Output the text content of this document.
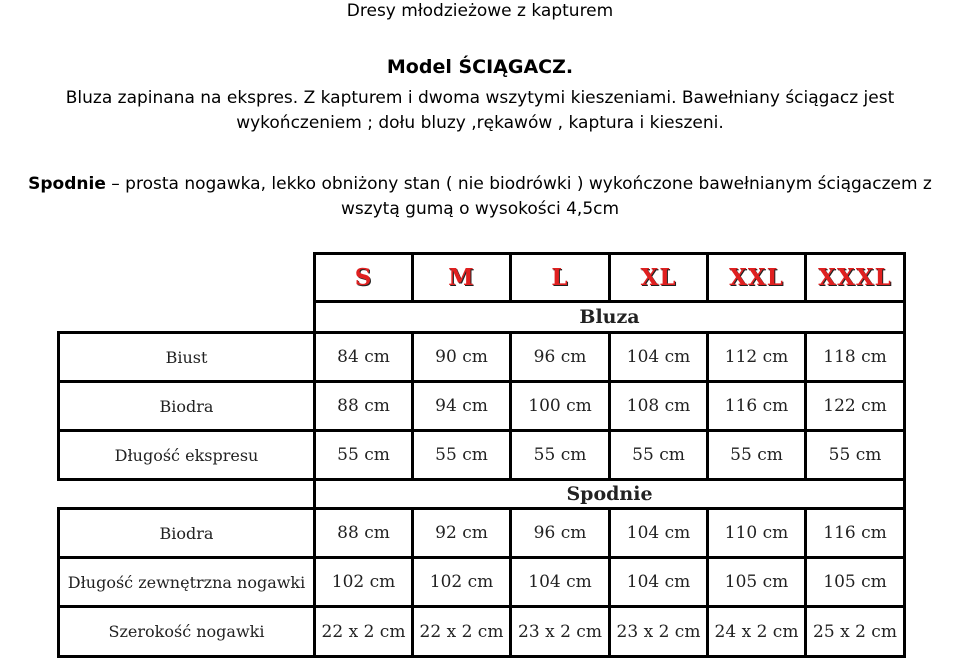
Dresy młodzieżowe z kapturem
Model ŚCIĄGACZ.
Bluza zapinana na ekspres. Z kapturem i dwoma wszytymi kieszeniami. Bawełniany ściągacz jest
wykończeniem ; dołu bluzy ,rękawów , kaptura i kieszeni.
Spodnie – prosta nogawka, lekko obniżony stan ( nie biodrówki ) wykończone bawełnianym ściągaczem z
wszytą gumą o wysokości 4,5cm
S	M	L	XL	XXL	XXXL
Bluza
Biust	84 cm	90 cm	96 cm	104 cm	112 cm	118 cm
Biodra	88 cm	94 cm	100 cm	108 cm	116 cm	122 cm
Długość ekspresu	55 cm	55 cm	55 cm	55 cm	55 cm	55 cm
Spodnie
Biodra	88 cm	92 cm	96 cm	104 cm	110 cm	116 cm
Długość zewnętrzna nogawki	102 cm	102 cm	104 cm	104 cm	105 cm	105 cm
Szerokość nogawki	22 x 2 cm 22 x 2 cm 23 x 2 cm 23 x 2 cm 24 x 2 cm 25 x 2 cm
